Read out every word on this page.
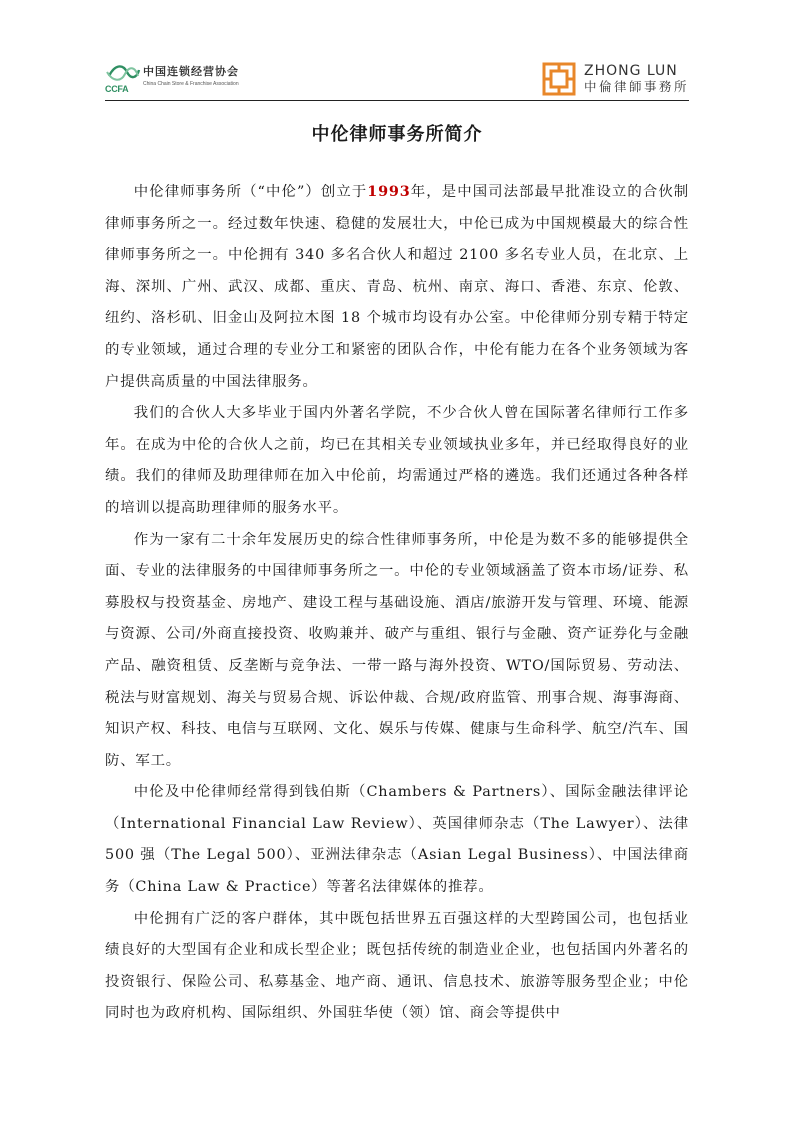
CCFA
中国连锁经营协会
China Chain Store & Franchise Association
ZHONG LUN
中倫律師事務所
中伦律师事务所简介

中伦律师事务所（“中伦”）创立于1993年，是中国司法部最早批准设立的合伙制律师事务所之一。经过数年快速、稳健的发展壮大，中伦已成为中国规模最大的综合性律师事务所之一。中伦拥有 340 多名合伙人和超过 2100 多名专业人员，在北京、上海、深圳、广州、武汉、成都、重庆、青岛、杭州、南京、海口、香港、东京、伦敦、纽约、洛杉矶、旧金山及阿拉木图 18 个城市均设有办公室。中伦律师分别专精于特定的专业领域，通过合理的专业分工和紧密的团队合作，中伦有能力在各个业务领域为客户提供高质量的中国法律服务。

我们的合伙人大多毕业于国内外著名学院，不少合伙人曾在国际著名律师行工作多年。在成为中伦的合伙人之前，均已在其相关专业领域执业多年，并已经取得良好的业绩。我们的律师及助理律师在加入中伦前，均需通过严格的遴选。我们还通过各种各样的培训以提高助理律师的服务水平。

作为一家有二十余年发展历史的综合性律师事务所，中伦是为数不多的能够提供全面、专业的法律服务的中国律师事务所之一。中伦的专业领域涵盖了资本市场/证券、私募股权与投资基金、房地产、建设工程与基础设施、酒店/旅游开发与管理、环境、能源与资源、公司/外商直接投资、收购兼并、破产与重组、银行与金融、资产证券化与金融产品、融资租赁、反垄断与竞争法、一带一路与海外投资、WTO/国际贸易、劳动法、税法与财富规划、海关与贸易合规、诉讼仲裁、合规/政府监管、刑事合规、海事海商、知识产权、科技、电信与互联网、文化、娱乐与传媒、健康与生命科学、航空/汽车、国防、军工。

中伦及中伦律师经常得到钱伯斯（Chambers & Partners）、国际金融法律评论（International Financial Law Review）、英国律师杂志（The Lawyer）、法律 500 强（The Legal 500）、亚洲法律杂志（Asian Legal Business）、中国法律商务（China Law & Practice）等著名法律媒体的推荐。

中伦拥有广泛的客户群体，其中既包括世界五百强这样的大型跨国公司，也包括业绩良好的大型国有企业和成长型企业；既包括传统的制造业企业，也包括国内外著名的投资银行、保险公司、私募基金、地产商、通讯、信息技术、旅游等服务型企业；中伦同时也为政府机构、国际组织、外国驻华使（领）馆、商会等提供中
